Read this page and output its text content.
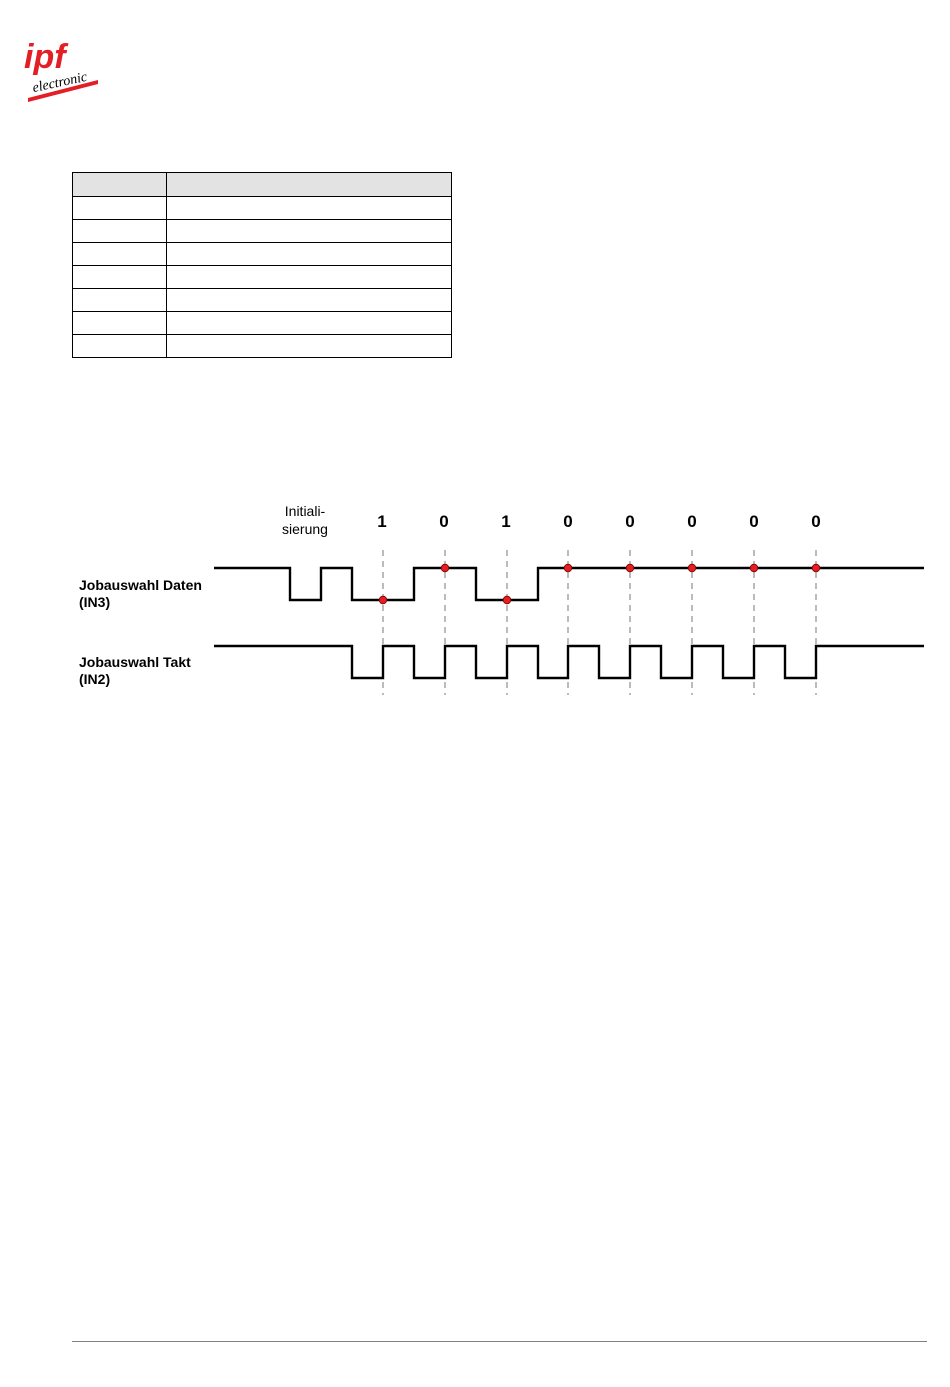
ipf
electronic

Initiali-
sierung	1	0	1	0	0	0	0	0
Jobauswahl Daten
(IN3)
Jobauswahl Takt
(IN2)
